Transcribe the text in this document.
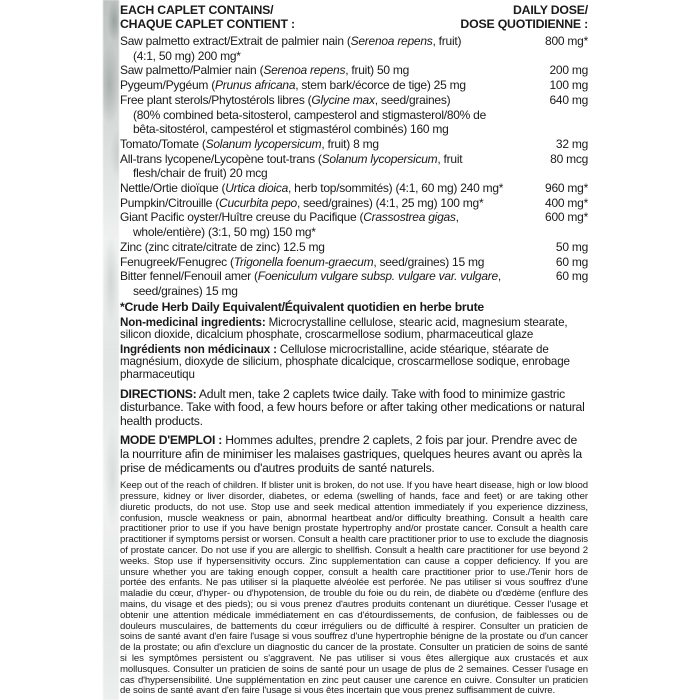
EACH CAPLET CONTAINS/
CHAQUE CAPLET CONTIENT :
DAILY DOSE/
DOSE QUOTIDIENNE :
Saw palmetto extract/Extrait de palmier nain (Serenoa repens, fruit)
(4:1, 50 mg) 200 mg*
800 mg*
Saw palmetto/Palmier nain (Serenoa repens, fruit) 50 mg	200 mg
Pygeum/Pygéum (Prunus africana, stem bark/écorce de tige) 25 mg	100 mg
Free plant sterols/Phytostérols libres (Glycine max, seed/graines)
(80% combined beta-sitosterol, campesterol and stigmasterol/80% de
bêta-sitostérol, campestérol et stigmastérol combinés) 160 mg
640 mg
Tomato/Tomate (Solanum lycopersicum, fruit) 8 mg	32 mg
All-trans lycopene/Lycopène tout-trans (Solanum lycopersicum, fruit
flesh/chair de fruit) 20 mcg
80 mcg
Nettle/Ortie dioïque (Urtica dioica, herb top/sommités) (4:1, 60 mg) 240 mg*	960 mg*
Pumpkin/Citrouille (Cucurbita pepo, seed/graines) (4:1, 25 mg) 100 mg*	400 mg*
Giant Pacific oyster/Huître creuse du Pacifique (Crassostrea gigas,
whole/entière) (3:1, 50 mg) 150 mg*
600 mg*
Zinc (zinc citrate/citrate de zinc) 12.5 mg	50 mg
Fenugreek/Fenugrec (Trigonella foenum-graecum, seed/graines) 15 mg	60 mg
Bitter fennel/Fenouil amer (Foeniculum vulgare subsp. vulgare var. vulgare,
seed/graines) 15 mg
60 mg
*Crude Herb Daily Equivalent/Équivalent quotidien en herbe brute

Non-medicinal ingredients: Microcrystalline cellulose, stearic acid, magnesium stearate, silicon dioxide, dicalcium phosphate, croscarmellose sodium, pharmaceutical glaze

Ingrédients non médicinaux : Cellulose microcristalline, acide stéarique, stéarate de magnésium, dioxyde de silicium, phosphate dicalcique, croscarmellose sodique, enrobage pharmaceutiqu

DIRECTIONS: Adult men, take 2 caplets twice daily. Take with food to minimize gastric disturbance. Take with food, a few hours before or after taking other medications or natural health products.

MODE D'EMPLOI : Hommes adultes, prendre 2 caplets, 2 fois par jour. Prendre avec de la nourriture afin de minimiser les malaises gastriques, quelques heures avant ou après la prise de médicaments ou d'autres produits de santé naturels.

Keep out of the reach of children. If blister unit is broken, do not use. If you have heart disease, high or low blood pressure, kidney or liver disorder, diabetes, or edema (swelling of hands, face and feet) or are taking other diuretic products, do not use. Stop use and seek medical attention immediately if you experience dizziness, confusion, muscle weakness or pain, abnormal heartbeat and/or difficulty breathing. Consult a health care practitioner prior to use if you have benign prostate hypertrophy and/or prostate cancer. Consult a health care practitioner if symptoms persist or worsen. Consult a health care practitioner prior to use to exclude the diagnosis of prostate cancer. Do not use if you are allergic to shellfish. Consult a health care practitioner for use beyond 2 weeks. Stop use if hypersensitivity occurs. Zinc supplementation can cause a copper deficiency. If you are unsure whether you are taking enough copper, consult a health care practitioner prior to use./Tenir hors de portée des enfants. Ne pas utiliser si la plaquette alvéolée est perforée. Ne pas utiliser si vous souffrez d'une maladie du cœur, d'hyper- ou d'hypotension, de trouble du foie ou du rein, de diabète ou d'œdème (enflure des mains, du visage et des pieds); ou si vous prenez d'autres produits contenant un diurétique. Cesser l'usage et obtenir une attention médicale immédiatement en cas d'étourdissements, de confusion, de faiblesses ou de douleurs musculaires, de battements du cœur irréguliers ou de difficulté à respirer. Consulter un praticien de soins de santé avant d'en faire l'usage si vous souffrez d'une hypertrophie bénigne de la prostate ou d'un cancer de la prostate; ou afin d'exclure un diagnostic du cancer de la prostate. Consulter un praticien de soins de santé si les symptômes persistent ou s'aggravent. Ne pas utiliser si vous êtes allergique aux crustacés et aux mollusques. Consulter un praticien de soins de santé pour un usage de plus de 2 semaines. Cesser l'usage en cas d'hypersensibilité. Une supplémentation en zinc peut causer une carence en cuivre. Consulter un praticien de soins de santé avant d'en faire l'usage si vous êtes incertain que vous prenez suffisamment de cuivre.
